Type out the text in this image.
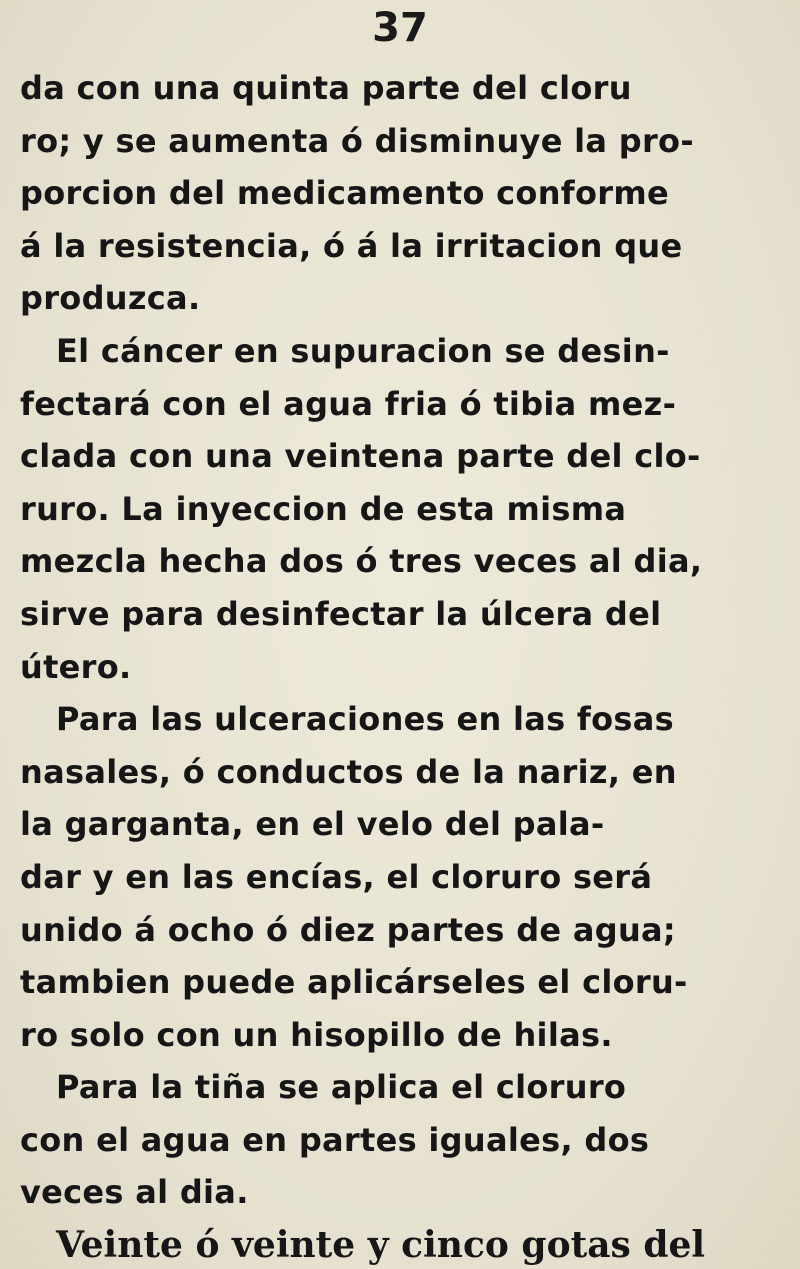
37
da con una quinta parte del cloru
ro; y se aumenta ó disminuye la pro-
porcion del medicamento conforme
á la resistencia, ó á la irritacion que
produzca.
El cáncer en supuracion se desin-
fectará con el agua fria ó tibia mez-
clada con una veintena parte del clo-
ruro. La inyeccion de esta misma
mezcla hecha dos ó tres veces al dia,
sirve para desinfectar la úlcera del
útero.
Para las ulceraciones en las fosas
nasales, ó conductos de la nariz, en
la garganta, en el velo del pala-
dar y en las encías, el cloruro será
unido á ocho ó diez partes de agua;
tambien puede aplicárseles el cloru-
ro solo con un hisopillo de hilas.
Para la tiña se aplica el cloruro
con el agua en partes iguales, dos
veces al dia.
Veinte ó veinte y cinco gotas del
